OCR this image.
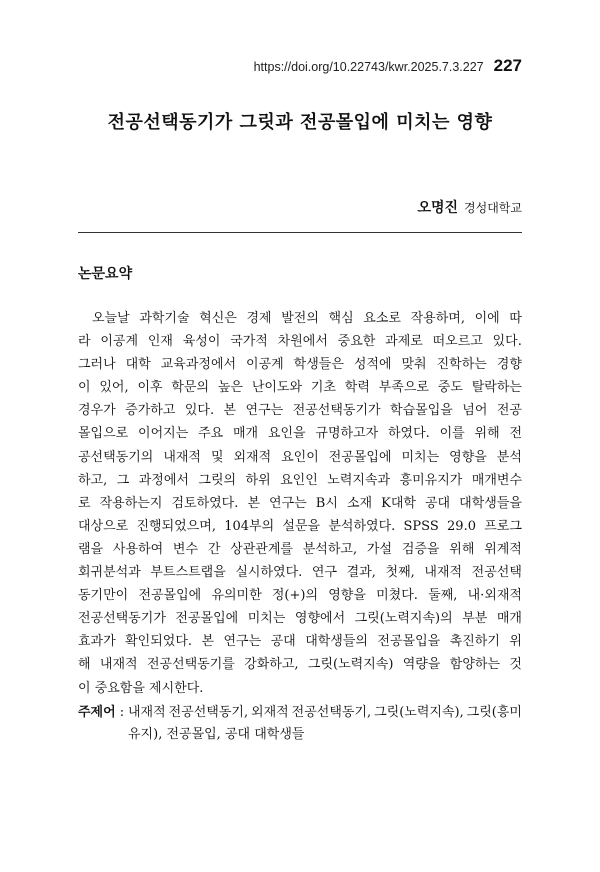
https://doi.org/10.22743/kwr.2025.7.3.227 227
전공선택동기가 그릿과 전공몰입에 미치는 영향
오명진 경성대학교
논문요약
오늘날 과학기술 혁신은 경제 발전의 핵심 요소로 작용하며, 이에 따
라 이공계 인재 육성이 국가적 차원에서 중요한 과제로 떠오르고 있다.
그러나 대학 교육과정에서 이공계 학생들은 성적에 맞춰 진학하는 경향
이 있어, 이후 학문의 높은 난이도와 기초 학력 부족으로 중도 탈락하는
경우가 증가하고 있다. 본 연구는 전공선택동기가 학습몰입을 넘어 전공
몰입으로 이어지는 주요 매개 요인을 규명하고자 하였다. 이를 위해 전
공선택동기의 내재적 및 외재적 요인이 전공몰입에 미치는 영향을 분석
하고, 그 과정에서 그릿의 하위 요인인 노력지속과 흥미유지가 매개변수
로 작용하는지 검토하였다. 본 연구는 B시 소재 K대학 공대 대학생들을
대상으로 진행되었으며, 104부의 설문을 분석하였다. SPSS 29.0 프로그
램을 사용하여 변수 간 상관관계를 분석하고, 가설 검증을 위해 위계적
회귀분석과 부트스트랩을 실시하였다. 연구 결과, 첫째, 내재적 전공선택
동기만이 전공몰입에 유의미한 정(+)의 영향을 미쳤다. 둘째, 내·외재적
전공선택동기가 전공몰입에 미치는 영향에서 그릿(노력지속)의 부분 매개
효과가 확인되었다. 본 연구는 공대 대학생들의 전공몰입을 촉진하기 위
해 내재적 전공선택동기를 강화하고, 그릿(노력지속) 역량을 함양하는 것
이 중요함을 제시한다.
주제어 : 내재적 전공선택동기, 외재적 전공선택동기, 그릿(노력지속), 그릿(흥미
유지), 전공몰입, 공대 대학생들
